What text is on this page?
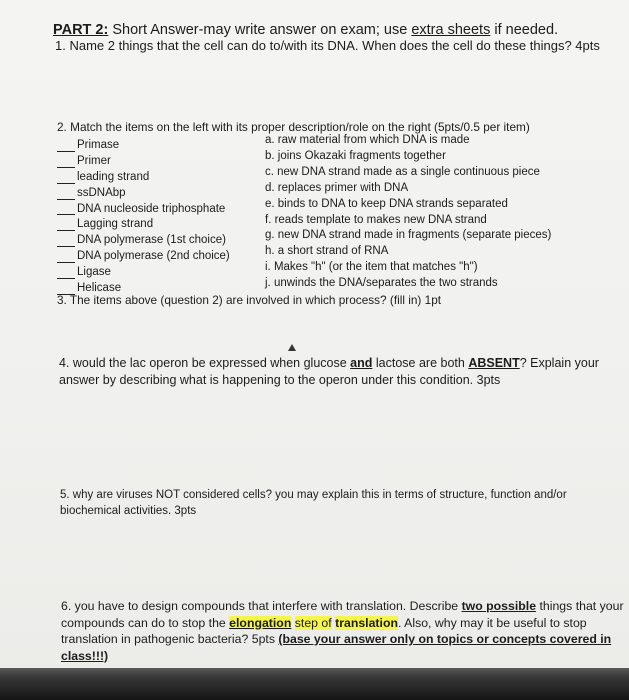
PART 2: Short Answer-may write answer on exam; use extra sheets if needed.
1. Name 2 things that the cell can do to/with its DNA. When does the cell do these things? 4pts
2. Match the items on the left with its proper description/role on the right (5pts/0.5 per item)
Primase
Primer
leading strand
ssDNAbp
DNA nucleoside triphosphate
Lagging strand
DNA polymerase (1st choice)
DNA polymerase (2nd choice)
Ligase
Helicase
a. raw material from which DNA is made
b. joins Okazaki fragments together
c. new DNA strand made as a single continuous piece
d. replaces primer with DNA
e. binds to DNA to keep DNA strands separated
f. reads template to makes new DNA strand
g. new DNA strand made in fragments (separate pieces)
h. a short strand of RNA
i. Makes "h" (or the item that matches "h")
j. unwinds the DNA/separates the two strands
3. The items above (question 2) are involved in which process? (fill in) 1pt
4. would the lac operon be expressed when glucose and lactose are both ABSENT? Explain your
answer by describing what is happening to the operon under this condition. 3pts
5. why are viruses NOT considered cells? you may explain this in terms of structure, function and/or
biochemical activities. 3pts
6. you have to design compounds that interfere with translation. Describe two possible things that your
compounds can do to stop the elongation step of translation. Also, why may it be useful to stop
translation in pathogenic bacteria? 5pts (base your answer only on topics or concepts covered in
class!!!)
